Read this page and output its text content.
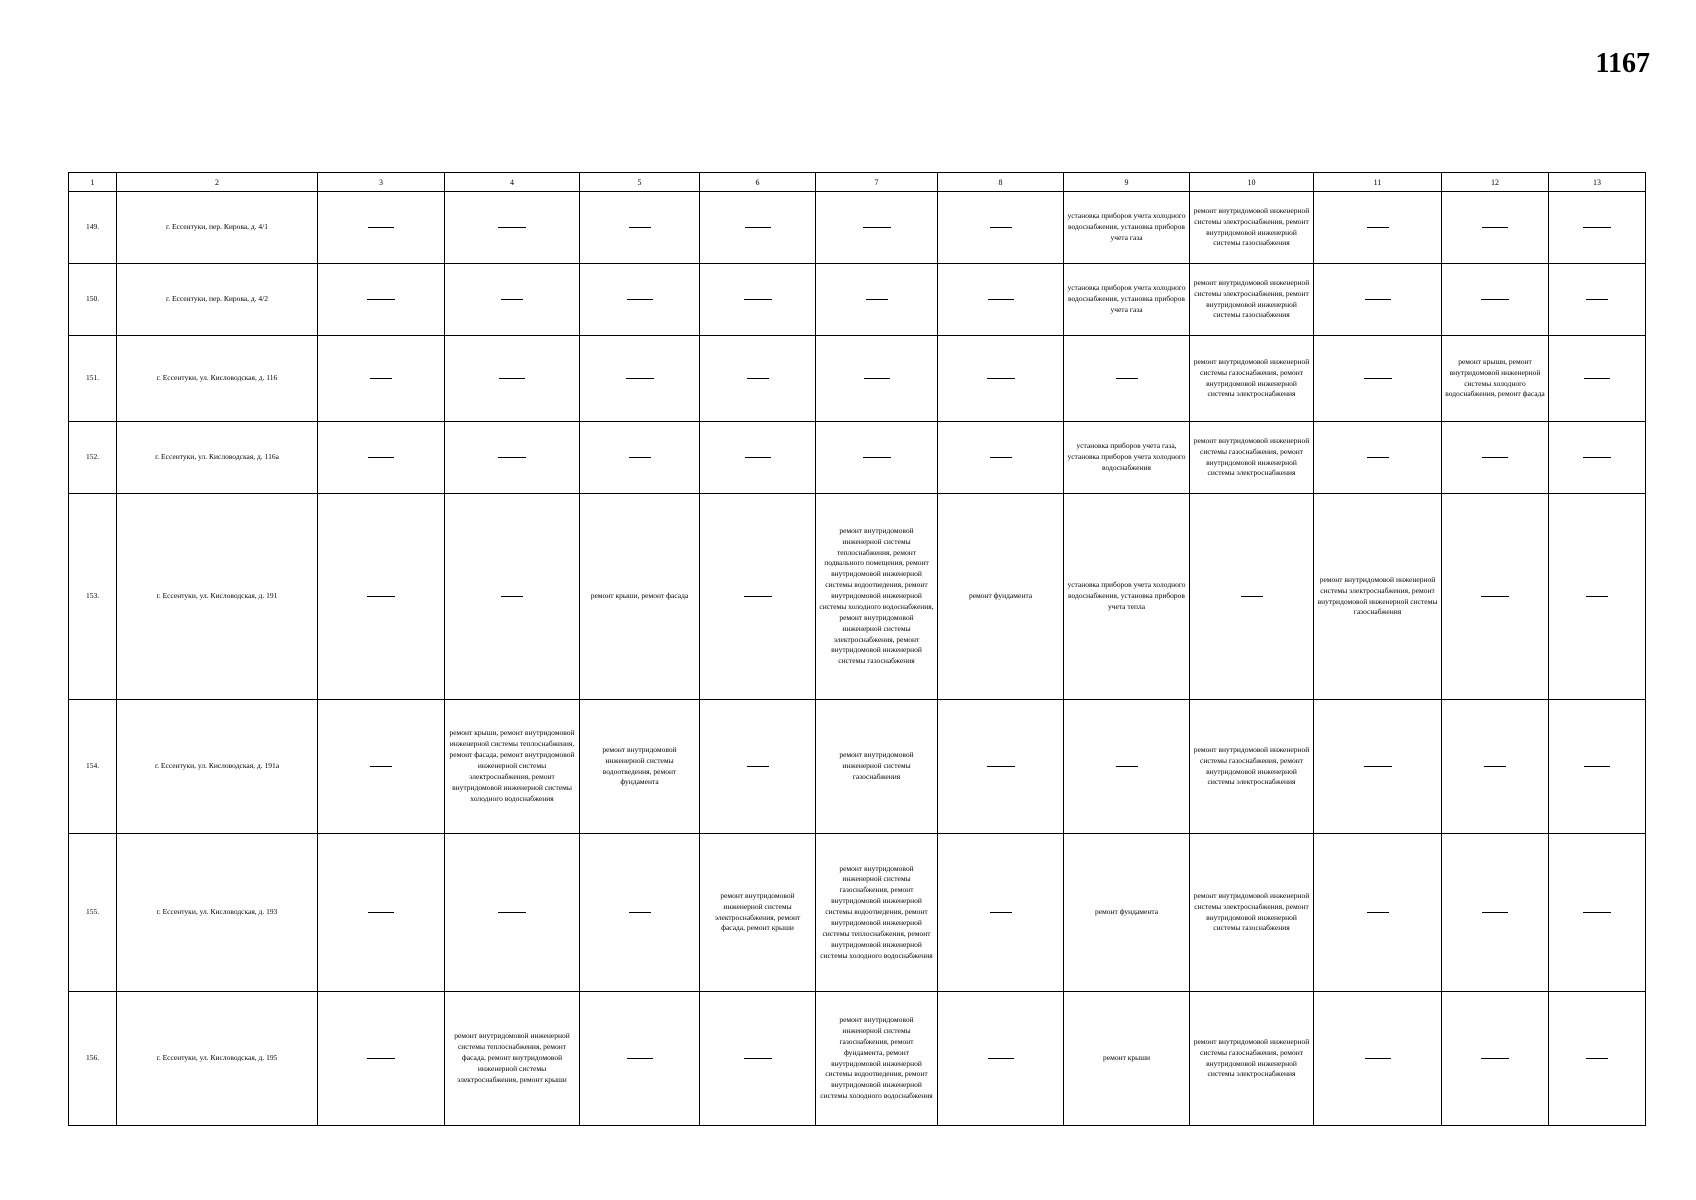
1167
1	2	3	4	5	6	7	8	9	10	11	12	13
149.	г. Ессентуки, пер. Кирова, д. 4/1							установка приборов учета холодного водоснабжения, установка приборов учета газа	ремонт внутридомовой инженерной системы электроснабжения, ремонт внутридомовой инженерной системы газоснабжения			

150.	г. Ессентуки, пер. Кирова, д. 4/2							установка приборов учета холодного водоснабжения, установка приборов учета газа	ремонт внутридомовой инженерной системы электроснабжения, ремонт внутридомовой инженерной системы газоснабжения			

151.	г. Ессентуки, ул. Кисловодская, д. 116								ремонт внутридомовой инженерной системы газоснабжения, ремонт внутридомовой инженерной системы электроснабжения		ремонт крыши, ремонт внутридомовой инженерной системы холодного водоснабжения, ремонт фасада	

152.	г. Ессентуки, ул. Кисловодская, д. 116а							установка приборов учета газа, установка приборов учета холодного водоснабжения	ремонт внутридомовой инженерной системы газоснабжения, ремонт внутридомовой инженерной системы электроснабжения			

153.	г. Ессентуки, ул. Кисловодская, д. 191			ремонт крыши, ремонт фасада		ремонт внутридомовой инженерной системы теплоснабжения, ремонт подвального помещения, ремонт внутридомовой инженерной системы водоотведения, ремонт внутридомовой инженерной системы холодного водоснабжения, ремонт внутридомовой инженерной системы электроснабжения, ремонт внутридомовой инженерной системы газоснабжения	ремонт фундамента	установка приборов учета холодного водоснабжения, установка приборов учета тепла		ремонт внутридомовой инженерной системы электроснабжения, ремонт внутридомовой инженерной системы газоснабжения		

154.	г. Ессентуки, ул. Кисловодская, д. 191а		ремонт крыши, ремонт внутридомовой инженерной системы теплоснабжения, ремонт фасада, ремонт внутридомовой инженерной системы электроснабжения, ремонт внутридомовой инженерной системы холодного водоснабжения	ремонт внутридомовой инженерной системы водоотведения, ремонт фундамента		ремонт внутридомовой инженерной системы газоснабжения			ремонт внутридомовой инженерной системы газоснабжения, ремонт внутридомовой инженерной системы электроснабжения			

155.	г. Ессентуки, ул. Кисловодская, д. 193				ремонт внутридомовой инженерной системы электроснабжения, ремонт фасада, ремонт крыши	ремонт внутридомовой инженерной системы газоснабжения, ремонт внутридомовой инженерной системы водоотведения, ремонт внутридомовой инженерной системы теплоснабжения, ремонт внутридомовой инженерной системы холодного водоснабжения		ремонт фундамента	ремонт внутридомовой инженерной системы электроснабжения, ремонт внутридомовой инженерной системы газоснабжения			

156.	г. Ессентуки, ул. Кисловодская, д. 195		ремонт внутридомовой инженерной системы теплоснабжения, ремонт фасада, ремонт внутридомовой инженерной системы электроснабжения, ремонт крыши			ремонт внутридомовой инженерной системы газоснабжения, ремонт фундамента, ремонт внутридомовой инженерной системы водоотведения, ремонт внутридомовой инженерной системы холодного водоснабжения		ремонт крыши	ремонт внутридомовой инженерной системы газоснабжения, ремонт внутридомовой инженерной системы электроснабжения			
